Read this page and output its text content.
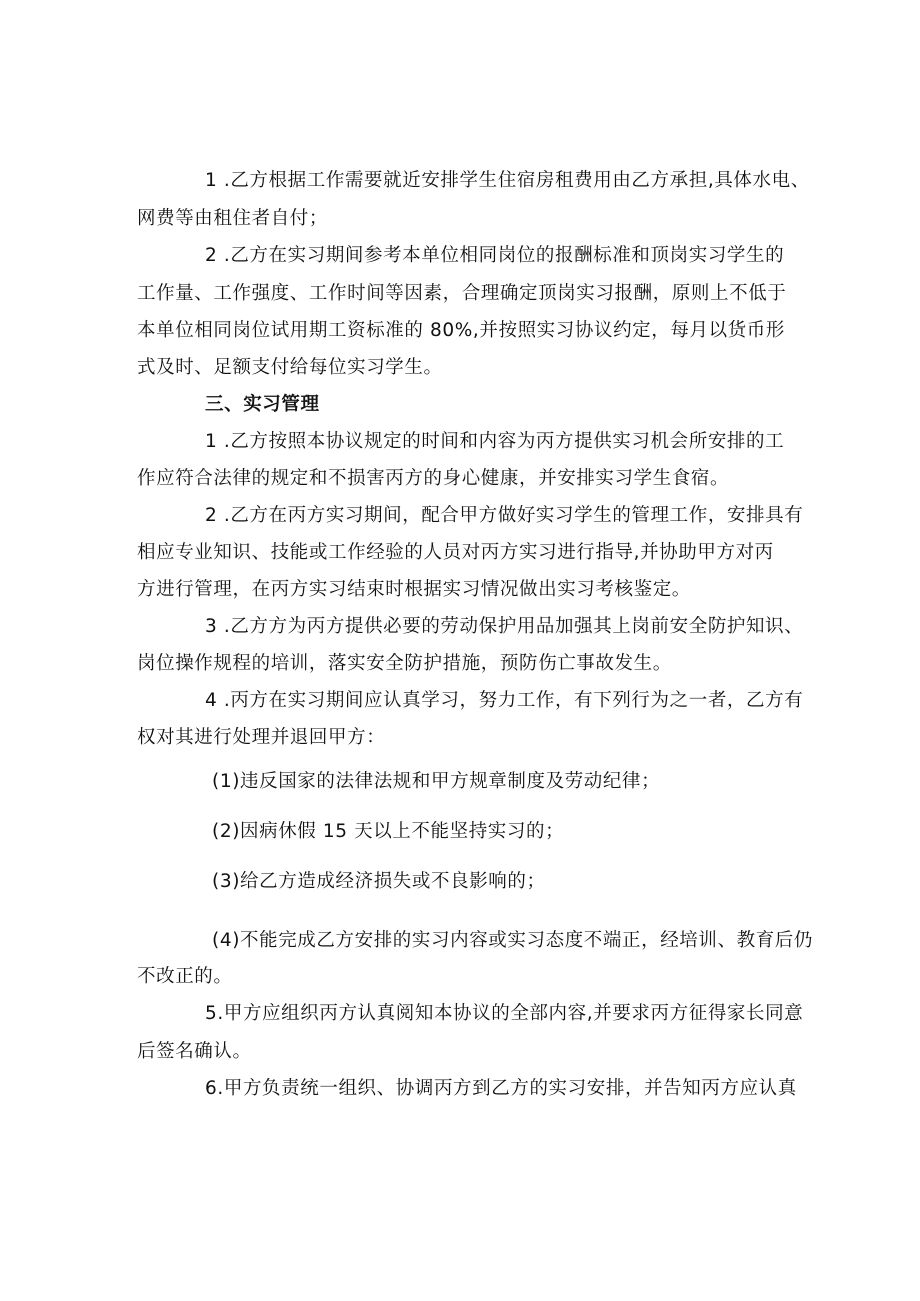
1 .乙方根据工作需要就近安排学生住宿房租费用由乙方承担,具体水电、
网费等由租住者自付；
2 .乙方在实习期间参考本单位相同岗位的报酬标准和顶岗实习学生的
工作量、工作强度、工作时间等因素，合理确定顶岗实习报酬，原则上不低于
本单位相同岗位试用期工资标准的 80%,并按照实习协议约定，每月以货币形
式及时、足额支付给每位实习学生。
三、实习管理
1 .乙方按照本协议规定的时间和内容为丙方提供实习机会所安排的工
作应符合法律的规定和不损害丙方的身心健康，并安排实习学生食宿。
2 .乙方在丙方实习期间，配合甲方做好实习学生的管理工作，安排具有
相应专业知识、技能或工作经验的人员对丙方实习进行指导,并协助甲方对丙
方进行管理，在丙方实习结束时根据实习情况做出实习考核鉴定。
3 .乙方方为丙方提供必要的劳动保护用品加强其上岗前安全防护知识、
岗位操作规程的培训，落实安全防护措施，预防伤亡事故发生。
4 .丙方在实习期间应认真学习，努力工作，有下列行为之一者，乙方有
权对其进行处理并退回甲方：
(1)违反国家的法律法规和甲方规章制度及劳动纪律；
(2)因病休假 15 天以上不能坚持实习的；
(3)给乙方造成经济损失或不良影响的；
(4)不能完成乙方安排的实习内容或实习态度不端正，经培训、教育后仍
不改正的。
5.甲方应组织丙方认真阅知本协议的全部内容,并要求丙方征得家长同意
后签名确认。
6.甲方负责统一组织、协调丙方到乙方的实习安排，并告知丙方应认真
